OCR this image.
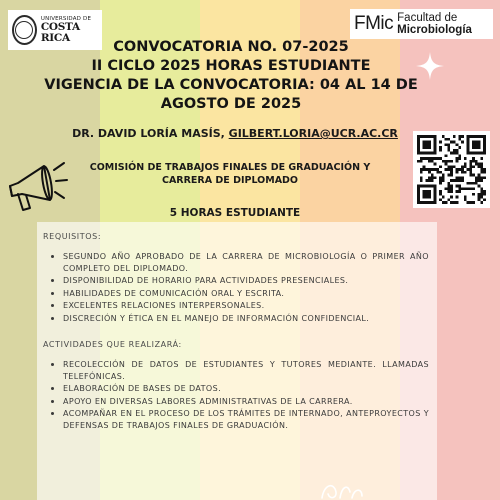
UNIVERSIDAD DE
COSTA RICA
FMic Facultad de
Microbiología
CONVOCATORIA NO. 07-2025
II CICLO 2025 HORAS ESTUDIANTE
VIGENCIA DE LA CONVOCATORIA: 04 AL 14 DE AGOSTO DE 2025
DR. DAVID LORÍA MASÍS, GILBERT.LORIA@UCR.AC.CR
COMISIÓN DE TRABAJOS FINALES DE GRADUACIÓN Y
CARRERA DE DIPLOMADO
5 HORAS ESTUDIANTE
REQUISITOS:
SEGUNDO AÑO APROBADO DE LA CARRERA DE MICROBIOLOGÍA O PRIMER AÑO COMPLETO DEL DIPLOMADO.
DISPONIBILIDAD DE HORARIO PARA ACTIVIDADES PRESENCIALES.
HABILIDADES DE COMUNICACIÓN ORAL Y ESCRITA.
EXCELENTES RELACIONES INTERPERSONALES.
DISCRECIÓN Y ÉTICA EN EL MANEJO DE INFORMACIÓN CONFIDENCIAL.
ACTIVIDADES QUE REALIZARÁ:
RECOLECCIÓN DE DATOS DE ESTUDIANTES Y TUTORES MEDIANTE. LLAMADAS TELEFÓNICAS.
ELABORACIÓN DE BASES DE DATOS.
APOYO EN DIVERSAS LABORES ADMINISTRATIVAS DE LA CARRERA.
ACOMPAÑAR EN EL PROCESO DE LOS TRÁMITES DE INTERNADO, ANTEPROYECTOS Y DEFENSAS DE TRABAJOS FINALES DE GRADUACIÓN.
